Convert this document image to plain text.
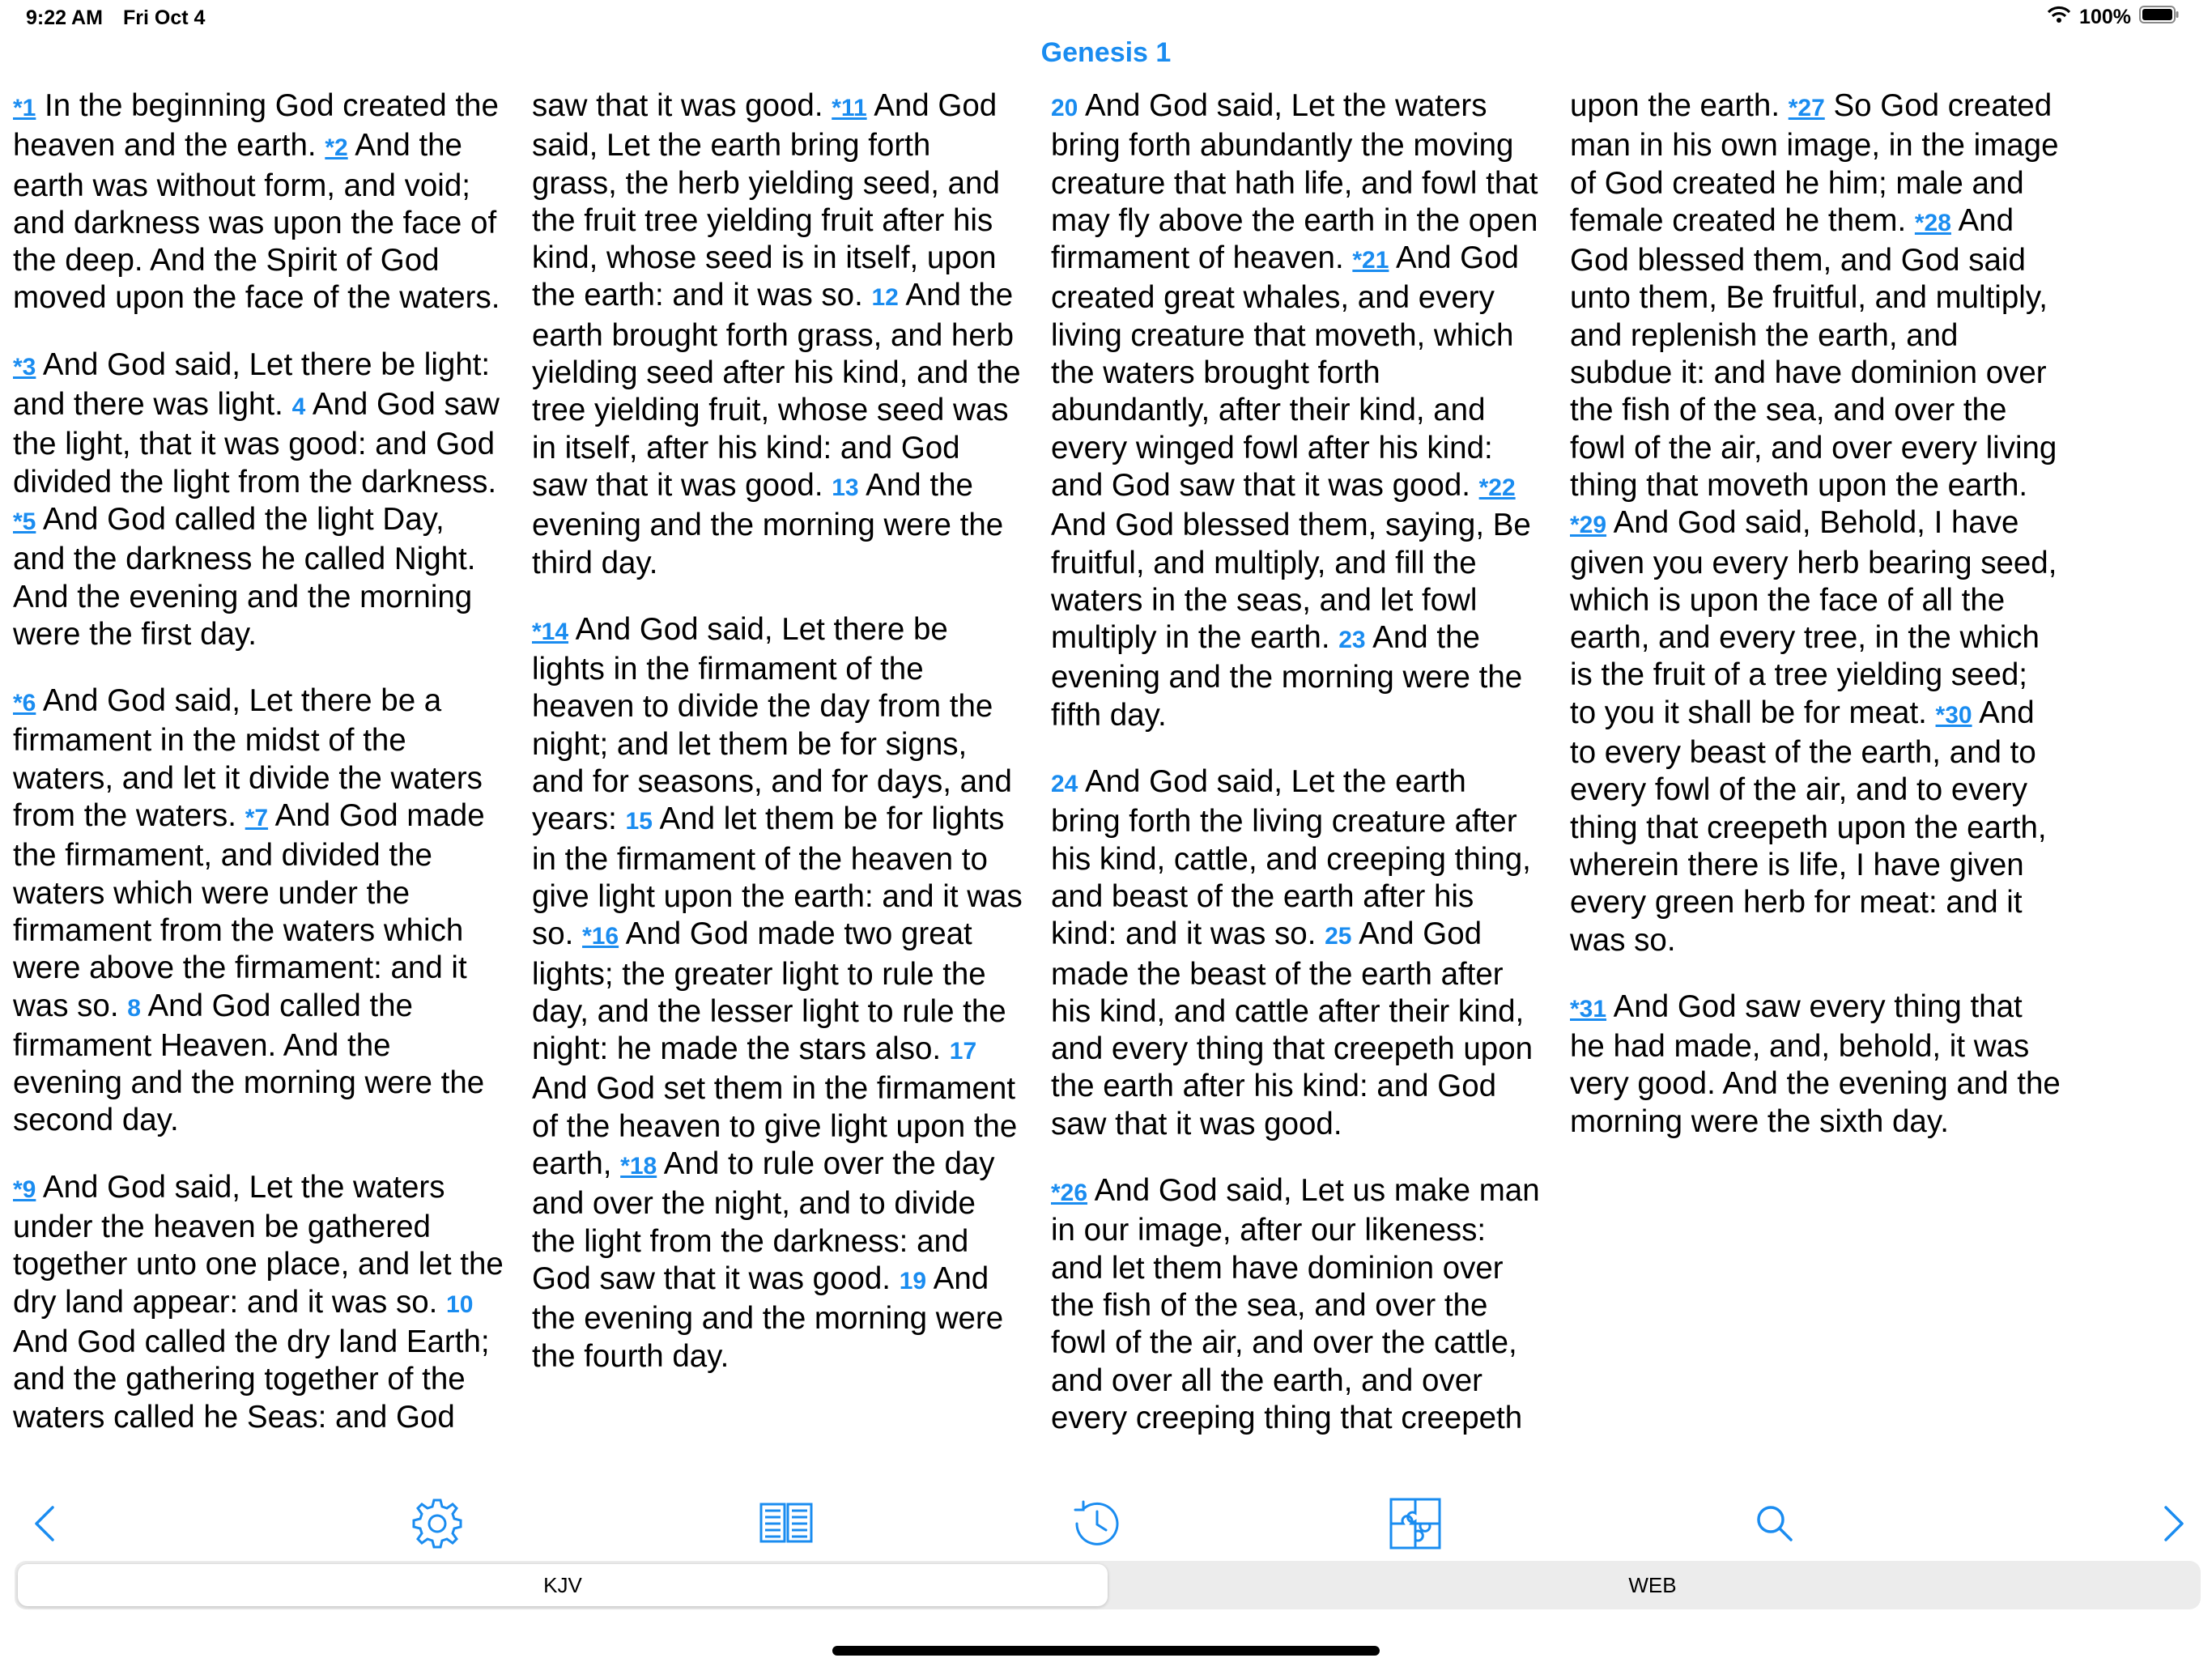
9:22 AM Fri Oct 4	100%
Genesis 1

*1 In the beginning God created the heaven and the earth. *2 And the earth was without form, and void; and darkness was upon the face of the deep. And the Spirit of God moved upon the face of the waters.

*3 And God said, Let there be light: and there was light. 4 And God saw the light, that it was good: and God divided the light from the darkness. *5 And God called the light Day, and the darkness he called Night. And the evening and the morning were the first day.

*6 And God said, Let there be a firmament in the midst of the waters, and let it divide the waters from the waters. *7 And God made the firmament, and divided the waters which were under the firmament from the waters which were above the firmament: and it was so. 8 And God called the firmament Heaven. And the evening and the morning were the second day.

*9 And God said, Let the waters under the heaven be gathered together unto one place, and let the dry land appear: and it was so. 10 And God called the dry land Earth; and the gathering together of the waters called he Seas: and God saw that it was good. *11 And God said, Let the earth bring forth grass, the herb yielding seed, and the fruit tree yielding fruit after his kind, whose seed is in itself, upon the earth: and it was so. 12 And the earth brought forth grass, and herb yielding seed after his kind, and the tree yielding fruit, whose seed was in itself, after his kind: and God saw that it was good. 13 And the evening and the morning were the third day.

*14 And God said, Let there be lights in the firmament of the heaven to divide the day from the night; and let them be for signs, and for seasons, and for days, and years: 15 And let them be for lights in the firmament of the heaven to give light upon the earth: and it was so. *16 And God made two great lights; the greater light to rule the day, and the lesser light to rule the night: he made the stars also. 17 And God set them in the firmament of the heaven to give light upon the earth, *18 And to rule over the day and over the night, and to divide the light from the darkness: and God saw that it was good. 19 And the evening and the morning were the fourth day.

20 And God said, Let the waters bring forth abundantly the moving creature that hath life, and fowl that may fly above the earth in the open firmament of heaven. *21 And God created great whales, and every living creature that moveth, which the waters brought forth abundantly, after their kind, and every winged fowl after his kind: and God saw that it was good. *22 And God blessed them, saying, Be fruitful, and multiply, and fill the waters in the seas, and let fowl multiply in the earth. 23 And the evening and the morning were the fifth day.

24 And God said, Let the earth bring forth the living creature after his kind, cattle, and creeping thing, and beast of the earth after his kind: and it was so. 25 And God made the beast of the earth after his kind, and cattle after their kind, and every thing that creepeth upon the earth after his kind: and God saw that it was good.

*26 And God said, Let us make man in our image, after our likeness: and let them have dominion over the fish of the sea, and over the fowl of the air, and over the cattle, and over all the earth, and over every creeping thing that creepeth upon the earth. *27 So God created man in his own image, in the image of God created he him; male and female created he them. *28 And God blessed them, and God said unto them, Be fruitful, and multiply, and replenish the earth, and subdue it: and have dominion over the fish of the sea, and over the fowl of the air, and over every living thing that moveth upon the earth. *29 And God said, Behold, I have given you every herb bearing seed, which is upon the face of all the earth, and every tree, in the which is the fruit of a tree yielding seed; to you it shall be for meat. *30 And to every beast of the earth, and to every fowl of the air, and to every thing that creepeth upon the earth, wherein there is life, I have given every green herb for meat: and it was so.

*31 And God saw every thing that he had made, and, behold, it was very good. And the evening and the morning were the sixth day.

KJV	WEB
